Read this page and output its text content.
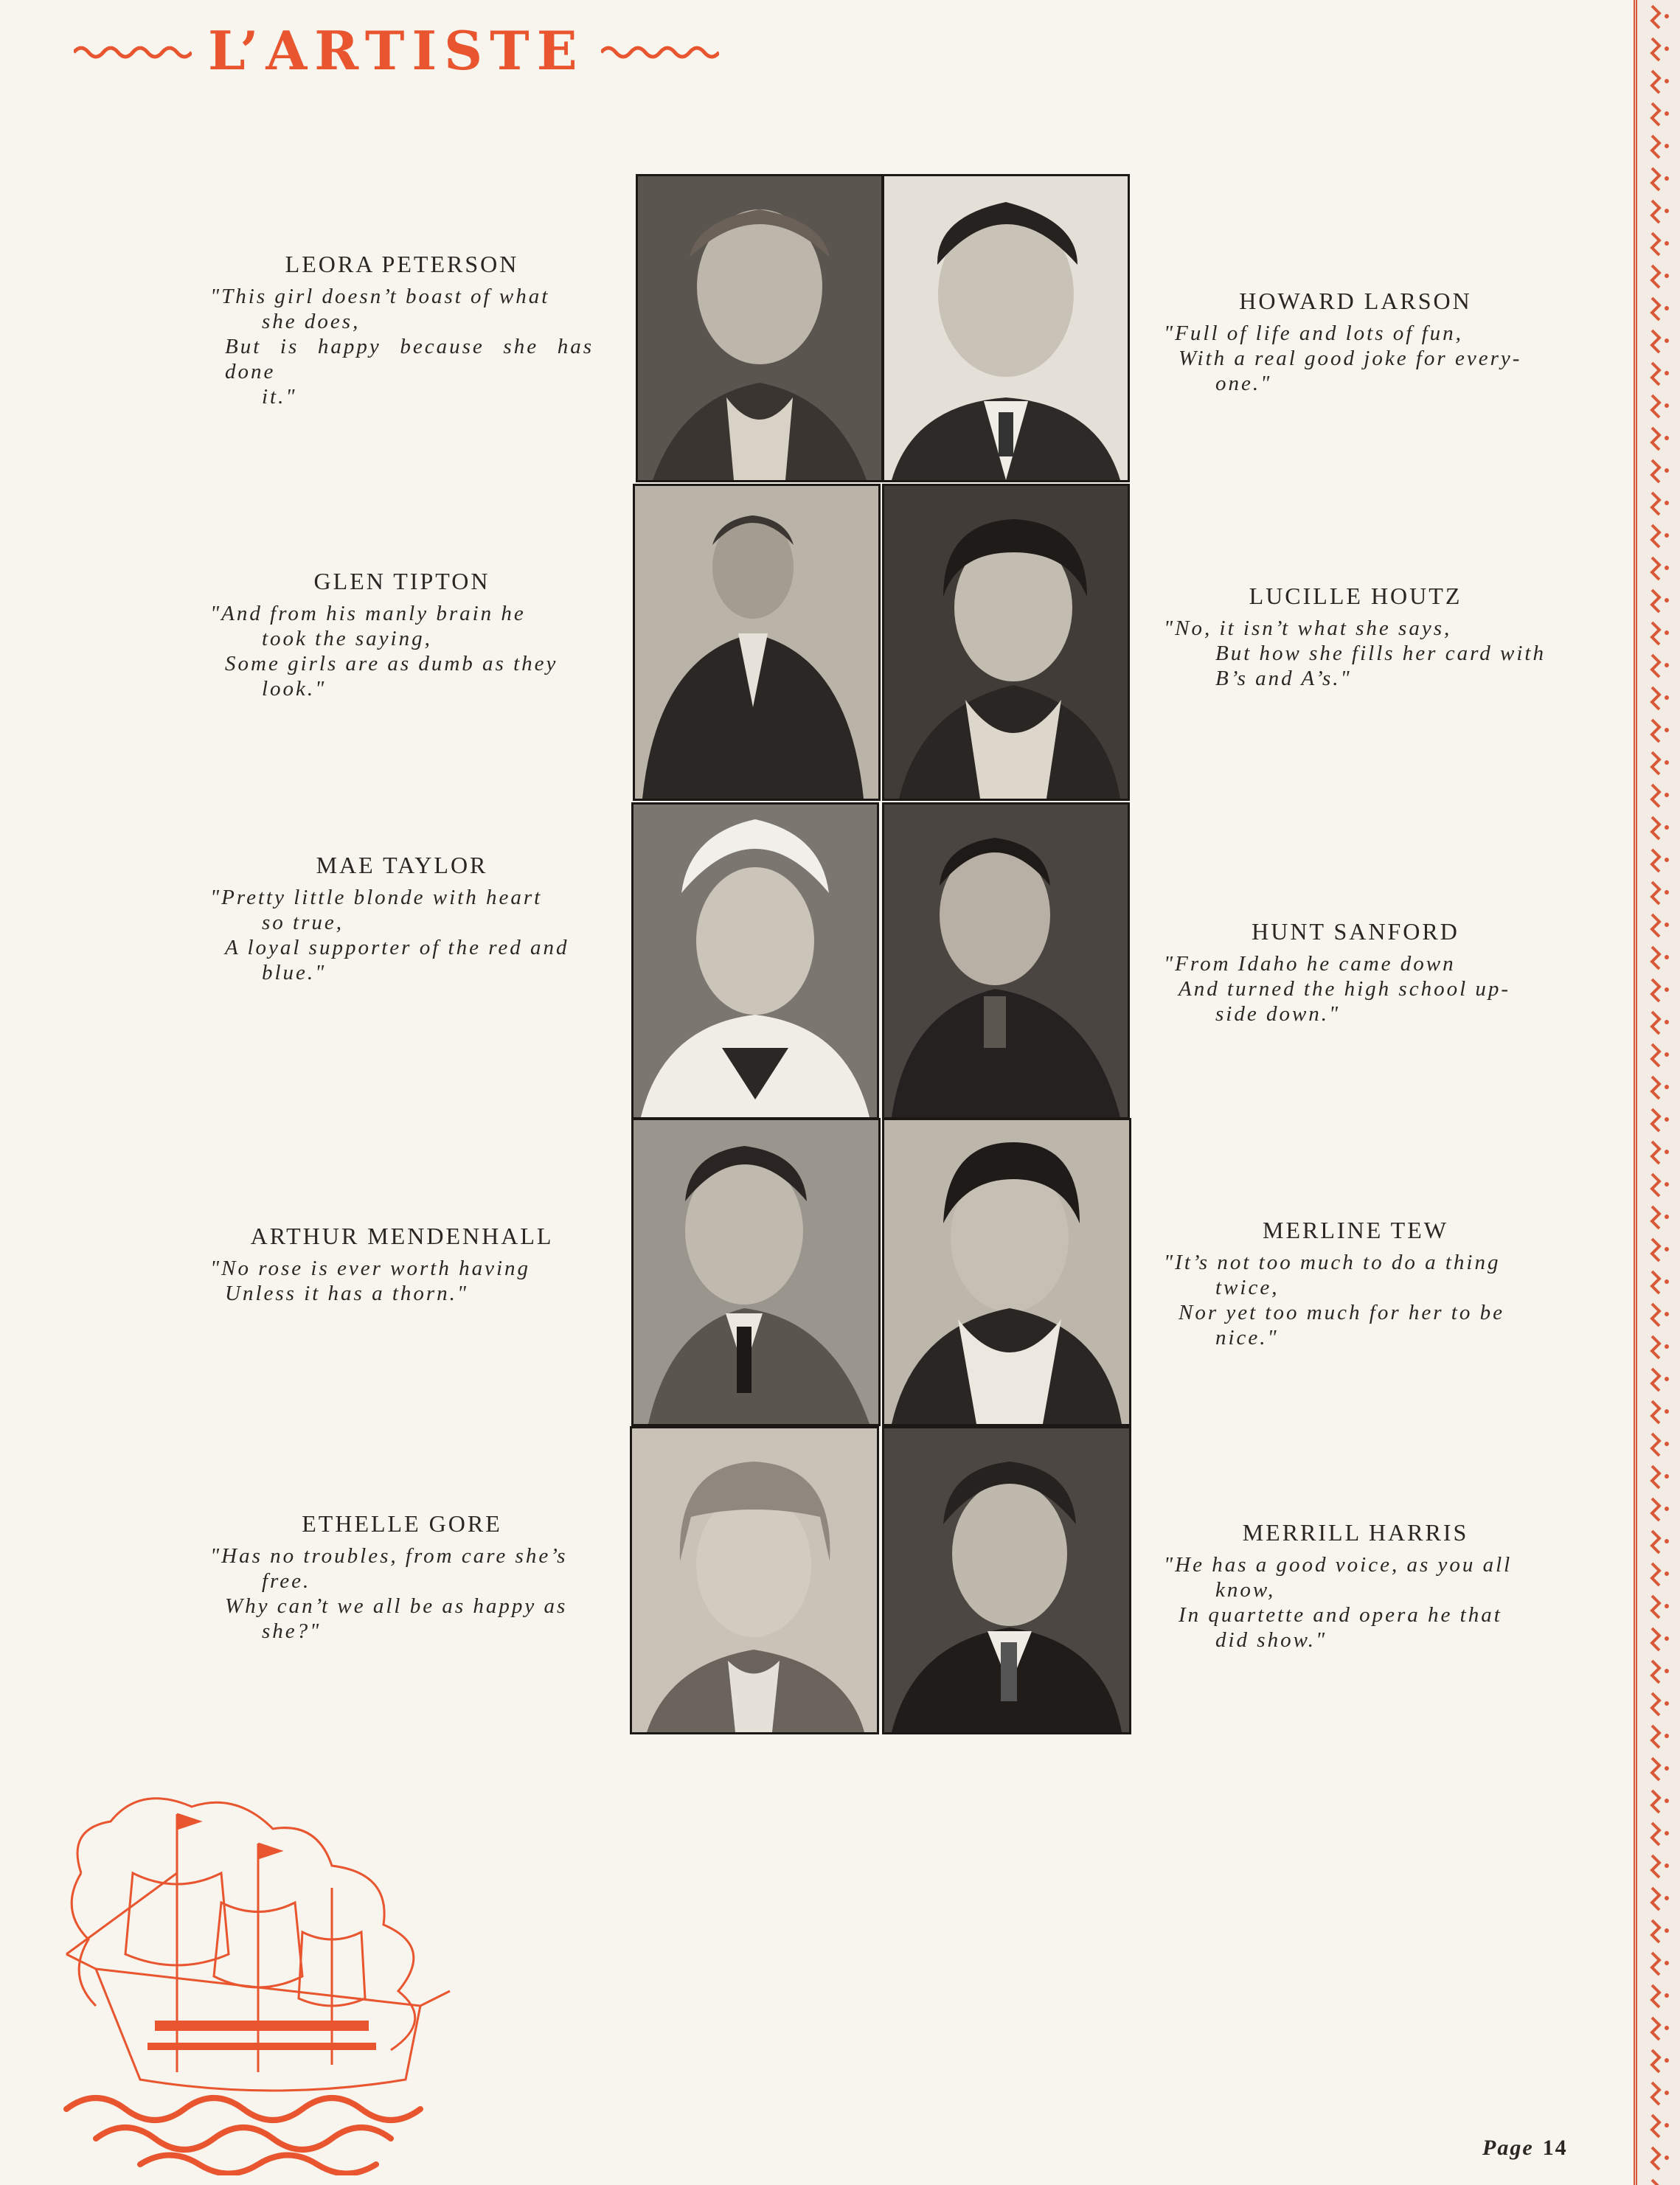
L’ARTISTE
LEORA PETERSON
"This girl doesn’t boast of what
she does,
But is happy because she has done
it."
HOWARD LARSON
"Full of life and lots of fun,
With a real good joke for every-
one."
GLEN TIPTON
"And from his manly brain he
took the saying,
Some girls are as dumb as they
look."
LUCILLE HOUTZ
"No, it isn’t what she says,
But how she fills her card with
B’s and A’s."
MAE TAYLOR
"Pretty little blonde with heart
so true,
A loyal supporter of the red and
blue."
HUNT SANFORD
"From Idaho he came down
And turned the high school up-
side down."
ARTHUR MENDENHALL
"No rose is ever worth having
Unless it has a thorn."
MERLINE TEW
"It’s not too much to do a thing
twice,
Nor yet too much for her to be
nice."
ETHELLE GORE
"Has no troubles, from care she’s
free.
Why can’t we all be as happy as
she?"
MERRILL HARRIS
"He has a good voice, as you all
know,
In quartette and opera he that
did show."
Page 14
